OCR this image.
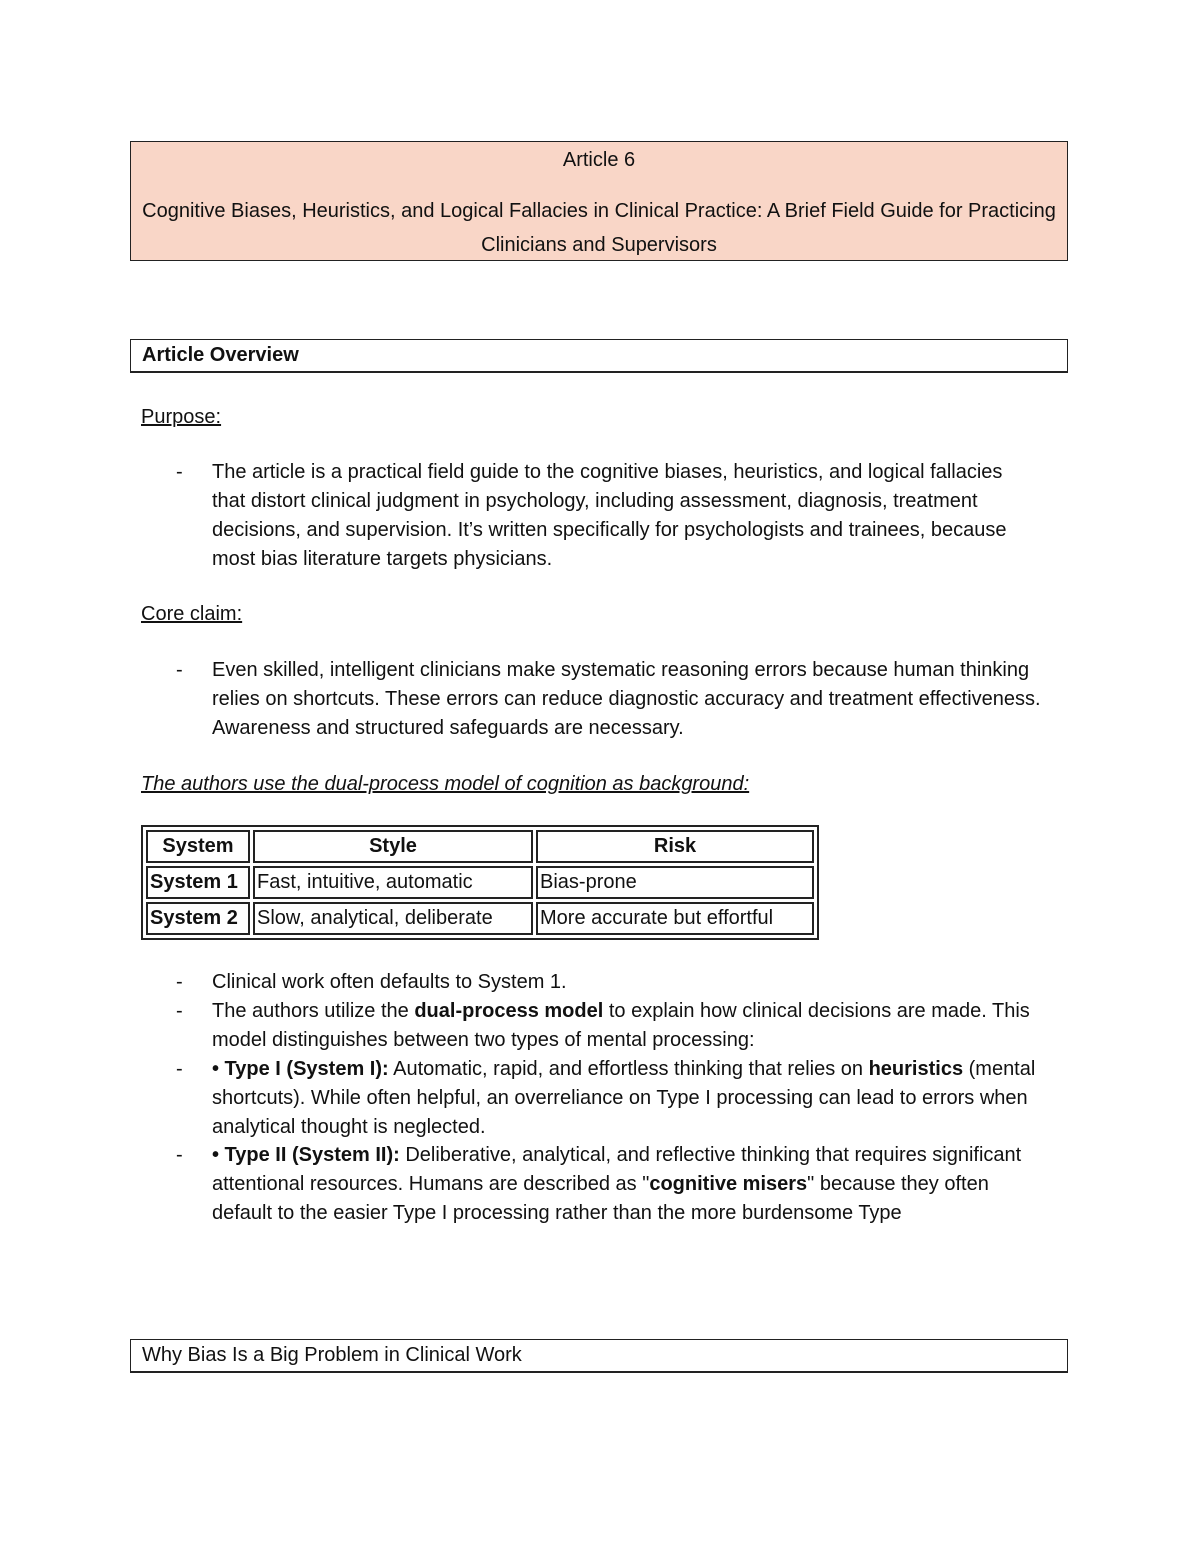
Article 6
Cognitive Biases, Heuristics, and Logical Fallacies in Clinical Practice: A Brief Field Guide for Practicing Clinicians and Supervisors
Article Overview
Purpose:
- The article is a practical field guide to the cognitive biases, heuristics, and logical fallacies that distort clinical judgment in psychology, including assessment, diagnosis, treatment decisions, and supervision. It’s written specifically for psychologists and trainees, because most bias literature targets physicians.
Core claim:
- Even skilled, intelligent clinicians make systematic reasoning errors because human thinking relies on shortcuts. These errors can reduce diagnostic accuracy and treatment effectiveness. Awareness and structured safeguards are necessary.
The authors use the dual-process model of cognition as background:
System	Style	Risk
System 1	Fast, intuitive, automatic	Bias-prone
System 2	Slow, analytical, deliberate	More accurate but effortful
- Clinical work often defaults to System 1.
- The authors utilize the dual-process model to explain how clinical decisions are made. This model distinguishes between two types of mental processing:
- • Type I (System I): Automatic, rapid, and effortless thinking that relies on heuristics (mental shortcuts). While often helpful, an overreliance on Type I processing can lead to errors when analytical thought is neglected.
- • Type II (System II): Deliberative, analytical, and reflective thinking that requires significant attentional resources. Humans are described as "cognitive misers" because they often default to the easier Type I processing rather than the more burdensome Type
Why Bias Is a Big Problem in Clinical Work
